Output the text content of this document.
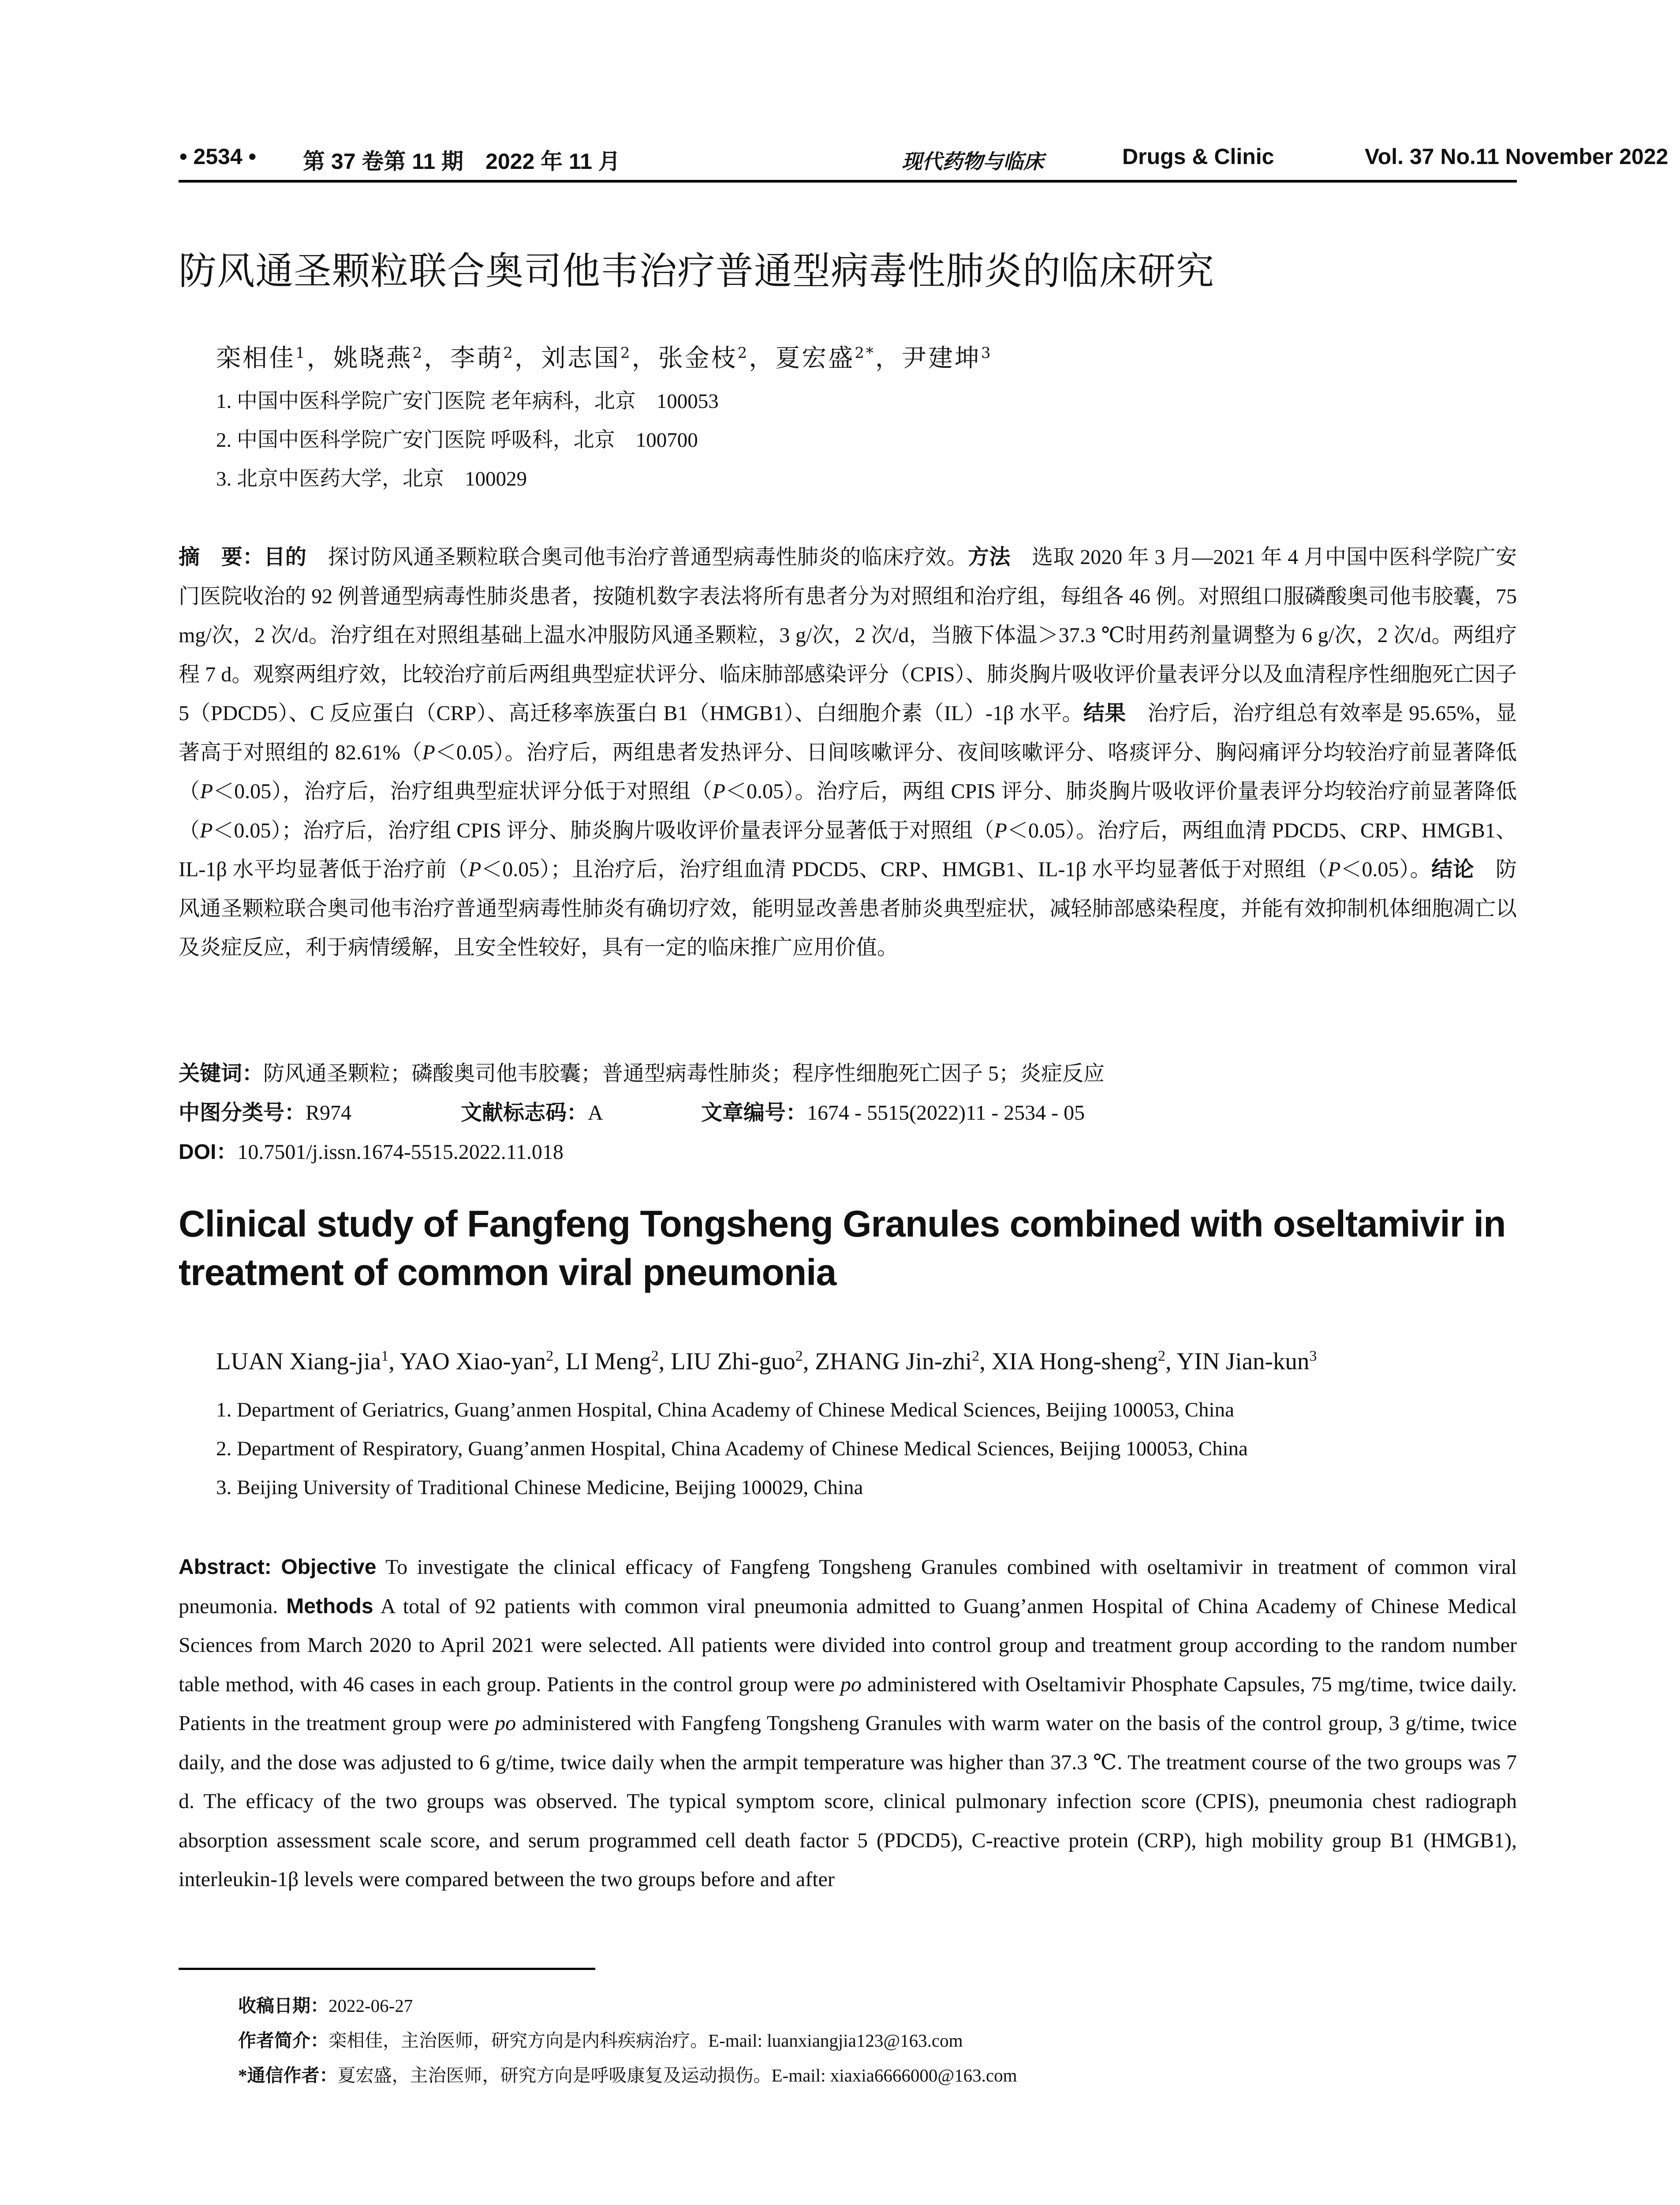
• 2534 • 第 37 卷第 11 期　2022 年 11 月	现代药物与临床	Drugs & Clinic	Vol. 37 No.11 November 2022
防风通圣颗粒联合奥司他韦治疗普通型病毒性肺炎的临床研究
栾相佳$^1$，姚晓燕$^2$，李萌$^2$，刘志国$^2$，张金枝$^2$，夏宏盛$^{2*}$，尹建坤$^3$
1. 中国中医科学院广安门医院 老年病科，北京　100053
2. 中国中医科学院广安门医院 呼吸科，北京　100700
3. 北京中医药大学，北京　100029
摘　要：目的　探讨防风通圣颗粒联合奥司他韦治疗普通型病毒性肺炎的临床疗效。方法　选取 2020 年 3 月—2021 年 4 月中国中医科学院广安门医院收治的 92 例普通型病毒性肺炎患者，按随机数字表法将所有患者分为对照组和治疗组，每组各 46 例。对照组口服磷酸奥司他韦胶囊，75 mg/次，2 次/d。治疗组在对照组基础上温水冲服防风通圣颗粒，3 g/次，2 次/d，当腋下体温＞37.3 ℃时用药剂量调整为 6 g/次，2 次/d。两组疗程 7 d。观察两组疗效，比较治疗前后两组典型症状评分、临床肺部感染评分（CPIS）、肺炎胸片吸收评价量表评分以及血清程序性细胞死亡因子 5（PDCD5）、C 反应蛋白（CRP）、高迁移率族蛋白 B1（HMGB1）、白细胞介素（IL）-1β 水平。结果　治疗后，治疗组总有效率是 95.65%，显著高于对照组的 82.61%（P＜0.05）。治疗后，两组患者发热评分、日间咳嗽评分、夜间咳嗽评分、咯痰评分、胸闷痛评分均较治疗前显著降低（P＜0.05），治疗后，治疗组典型症状评分低于对照组（P＜0.05）。治疗后，两组 CPIS 评分、肺炎胸片吸收评价量表评分均较治疗前显著降低（P＜0.05）；治疗后，治疗组 CPIS 评分、肺炎胸片吸收评价量表评分显著低于对照组（P＜0.05）。治疗后，两组血清 PDCD5、CRP、HMGB1、IL-1β 水平均显著低于治疗前（P＜0.05）；且治疗后，治疗组血清 PDCD5、CRP、HMGB1、IL-1β 水平均显著低于对照组（P＜0.05）。结论　防风通圣颗粒联合奥司他韦治疗普通型病毒性肺炎有确切疗效，能明显改善患者肺炎典型症状，减轻肺部感染程度，并能有效抑制机体细胞凋亡以及炎症反应，利于病情缓解，且安全性较好，具有一定的临床推广应用价值。
关键词：防风通圣颗粒；磷酸奥司他韦胶囊；普通型病毒性肺炎；程序性细胞死亡因子 5；炎症反应
中图分类号：R974	文献标志码：A	文章编号：1674 - 5515(2022)11 - 2534 - 05
DOI：10.7501/j.issn.1674-5515.2022.11.018
Clinical study of Fangfeng Tongsheng Granules combined with oseltamivir in treatment of common viral pneumonia
LUAN Xiang-jia$^1$, YAO Xiao-yan$^2$, LI Meng$^2$, LIU Zhi-guo$^2$, ZHANG Jin-zhi$^2$, XIA Hong-sheng$^2$, YIN Jian-kun$^3$
1. Department of Geriatrics, Guang’anmen Hospital, China Academy of Chinese Medical Sciences, Beijing 100053, China
2. Department of Respiratory, Guang’anmen Hospital, China Academy of Chinese Medical Sciences, Beijing 100053, China
3. Beijing University of Traditional Chinese Medicine, Beijing 100029, China
Abstract: Objective To investigate the clinical efficacy of Fangfeng Tongsheng Granules combined with oseltamivir in treatment of common viral pneumonia. Methods A total of 92 patients with common viral pneumonia admitted to Guang’anmen Hospital of China Academy of Chinese Medical Sciences from March 2020 to April 2021 were selected. All patients were divided into control group and treatment group according to the random number table method, with 46 cases in each group. Patients in the control group were po administered with Oseltamivir Phosphate Capsules, 75 mg/time, twice daily. Patients in the treatment group were po administered with Fangfeng Tongsheng Granules with warm water on the basis of the control group, 3 g/time, twice daily, and the dose was adjusted to 6 g/time, twice daily when the armpit temperature was higher than 37.3 ℃. The treatment course of the two groups was 7 d. The efficacy of the two groups was observed. The typical symptom score, clinical pulmonary infection score (CPIS), pneumonia chest radiograph absorption assessment scale score, and serum programmed cell death factor 5 (PDCD5), C-reactive protein (CRP), high mobility group B1 (HMGB1), interleukin-1β levels were compared between the two groups before and after
收稿日期：2022-06-27
作者简介：栾相佳，主治医师，研究方向是内科疾病治疗。E-mail: luanxiangjia123@163.com
*通信作者：夏宏盛，主治医师，研究方向是呼吸康复及运动损伤。E-mail: xiaxia6666000@163.com
